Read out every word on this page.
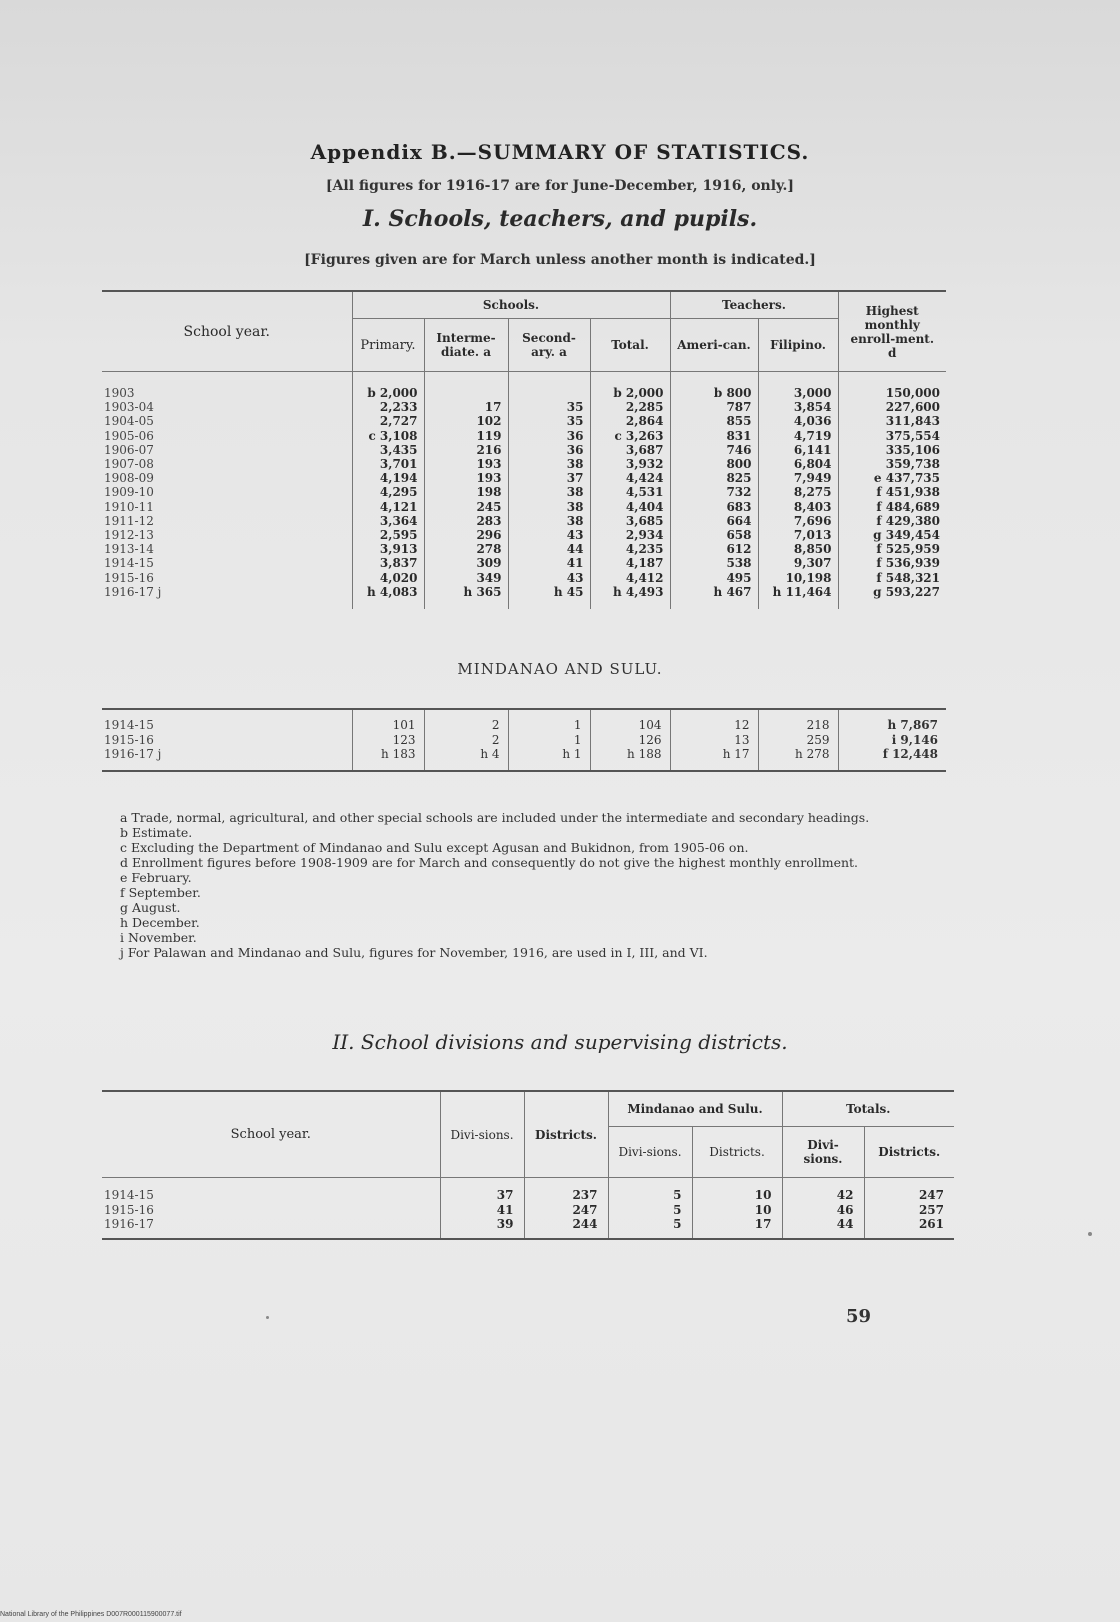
Appendix B.—SUMMARY OF STATISTICS.
[All figures for 1916-17 are for June-December, 1916, only.]
I. Schools, teachers, and pupils.
[Figures given are for March unless another month is indicated.]
School year.	Schools.				Teachers.		Highest monthly enroll-ment. d
	Primary.	Interme-diate. a	Second-ary. a	Total.	Ameri-can.	Filipino.	
1903	b 2,000			b 2,000	b 800	3,000	150,000
1903-04	2,233	17	35	2,285	787	3,854	227,600
1904-05	2,727	102	35	2,864	855	4,036	311,843
1905-06	c 3,108	119	36	c 3,263	831	4,719	375,554
1906-07	3,435	216	36	3,687	746	6,141	335,106
1907-08	3,701	193	38	3,932	800	6,804	359,738
1908-09	4,194	193	37	4,424	825	7,949	e 437,735
1909-10	4,295	198	38	4,531	732	8,275	f 451,938
1910-11	4,121	245	38	4,404	683	8,403	f 484,689
1911-12	3,364	283	38	3,685	664	7,696	f 429,380
1912-13	2,595	296	43	2,934	658	7,013	g 349,454
1913-14	3,913	278	44	4,235	612	8,850	f 525,959
1914-15	3,837	309	41	4,187	538	9,307	f 536,939
1915-16	4,020	349	43	4,412	495	10,198	f 548,321
1916-17 j	h 4,083	h 365	h 45	h 4,493	h 467	h 11,464	g 593,227
MINDANAO AND SULU.
1914-15	101	2	1	104	12	218	h 7,867
1915-16	123	2	1	126	13	259	i 9,146
1916-17 j	h 183	h 4	h 1	h 188	h 17	h 278	f 12,448
a Trade, normal, agricultural, and other special schools are included under the intermediate and secondary headings.
b Estimate.
c Excluding the Department of Mindanao and Sulu except Agusan and Bukidnon, from 1905-06 on.
d Enrollment figures before 1908-1909 are for March and consequently do not give the highest monthly enrollment.
e February.
f September.
g August.
h December.
i November.
j For Palawan and Mindanao and Sulu, figures for November, 1916, are used in I, III, and VI.
II. School divisions and supervising districts.
School year.	Divi-sions.	Districts.	Mindanao and Sulu.		Totals.	
			Divi-sions.	Districts.	Divi-sions.	Districts.
1914-15	37	237	5	10	42	247
1915-16	41	247	5	10	46	257
1916-17	39	244	5	17	44	261
59
National Library of the Philippines D007R000115900077.tif
